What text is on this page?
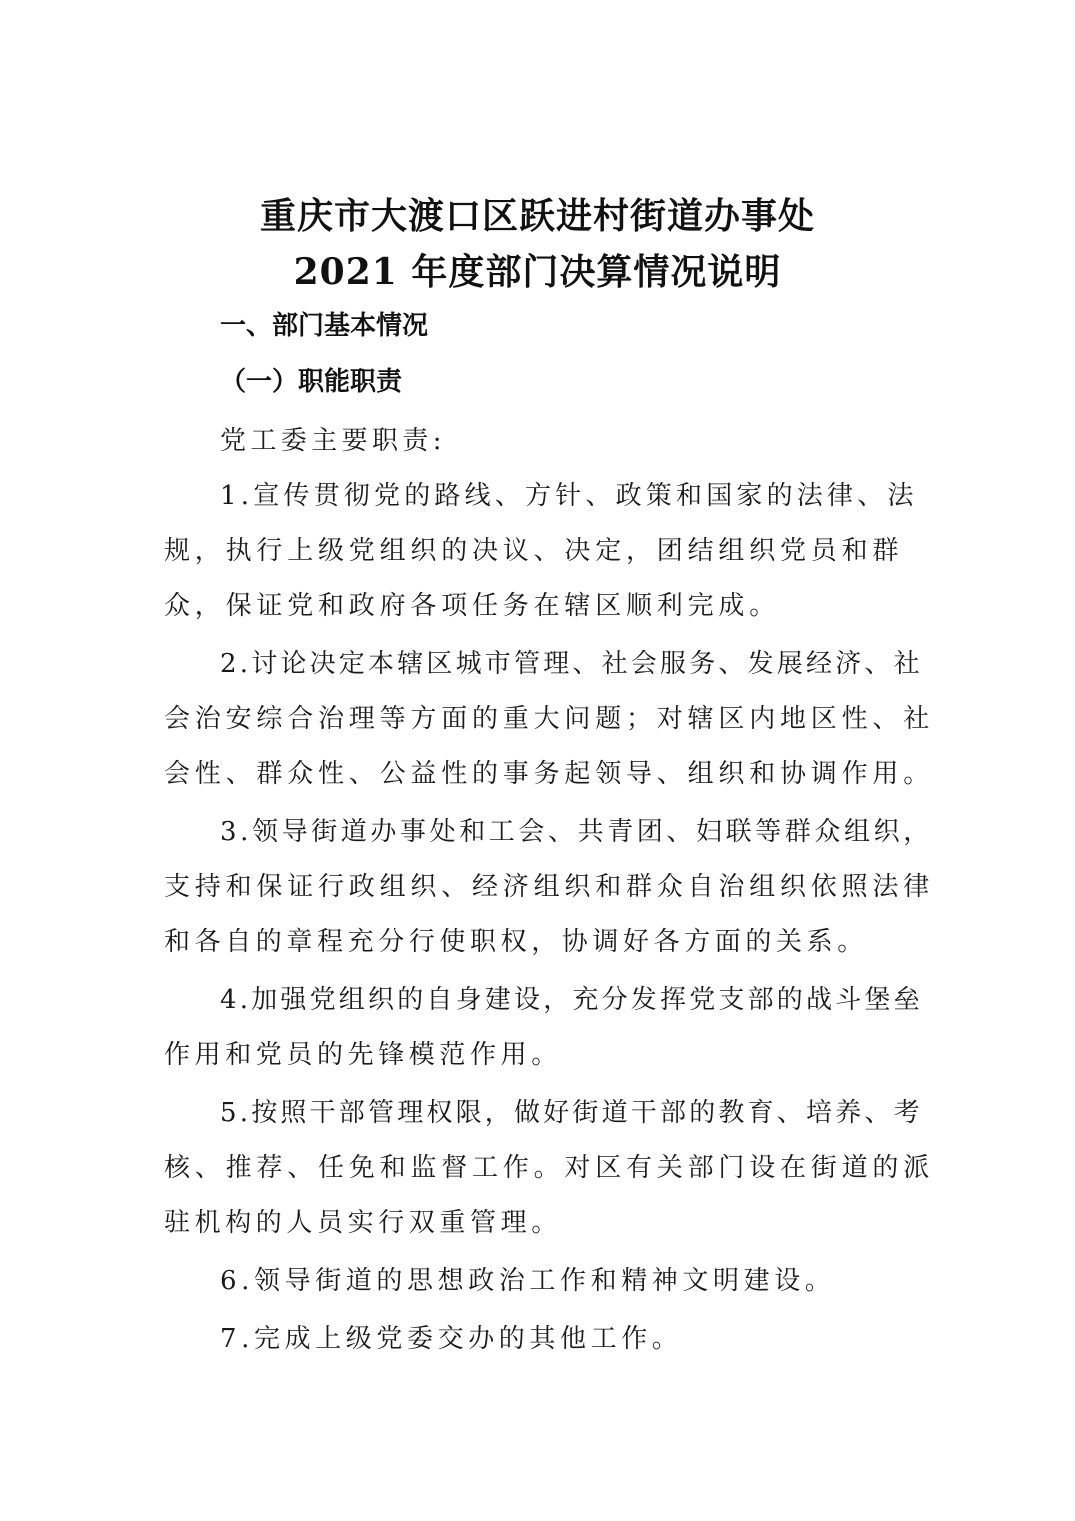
重庆市大渡口区跃进村街道办事处
2021 年度部门决算情况说明
一、部门基本情况
（一）职能职责
党工委主要职责:
1.宣传贯彻党的路线、方针、政策和国家的法律、法
规，执行上级党组织的决议、决定，团结组织党员和群
众，保证党和政府各项任务在辖区顺利完成。
2.讨论决定本辖区城市管理、社会服务、发展经济、社
会治安综合治理等方面的重大问题；对辖区内地区性、社
会性、群众性、公益性的事务起领导、组织和协调作用。
3.领导街道办事处和工会、共青团、妇联等群众组织，
支持和保证行政组织、经济组织和群众自治组织依照法律
和各自的章程充分行使职权，协调好各方面的关系。
4.加强党组织的自身建设，充分发挥党支部的战斗堡垒
作用和党员的先锋模范作用。
5.按照干部管理权限，做好街道干部的教育、培养、考
核、推荐、任免和监督工作。对区有关部门设在街道的派
驻机构的人员实行双重管理。
6.领导街道的思想政治工作和精神文明建设。
7.完成上级党委交办的其他工作。
